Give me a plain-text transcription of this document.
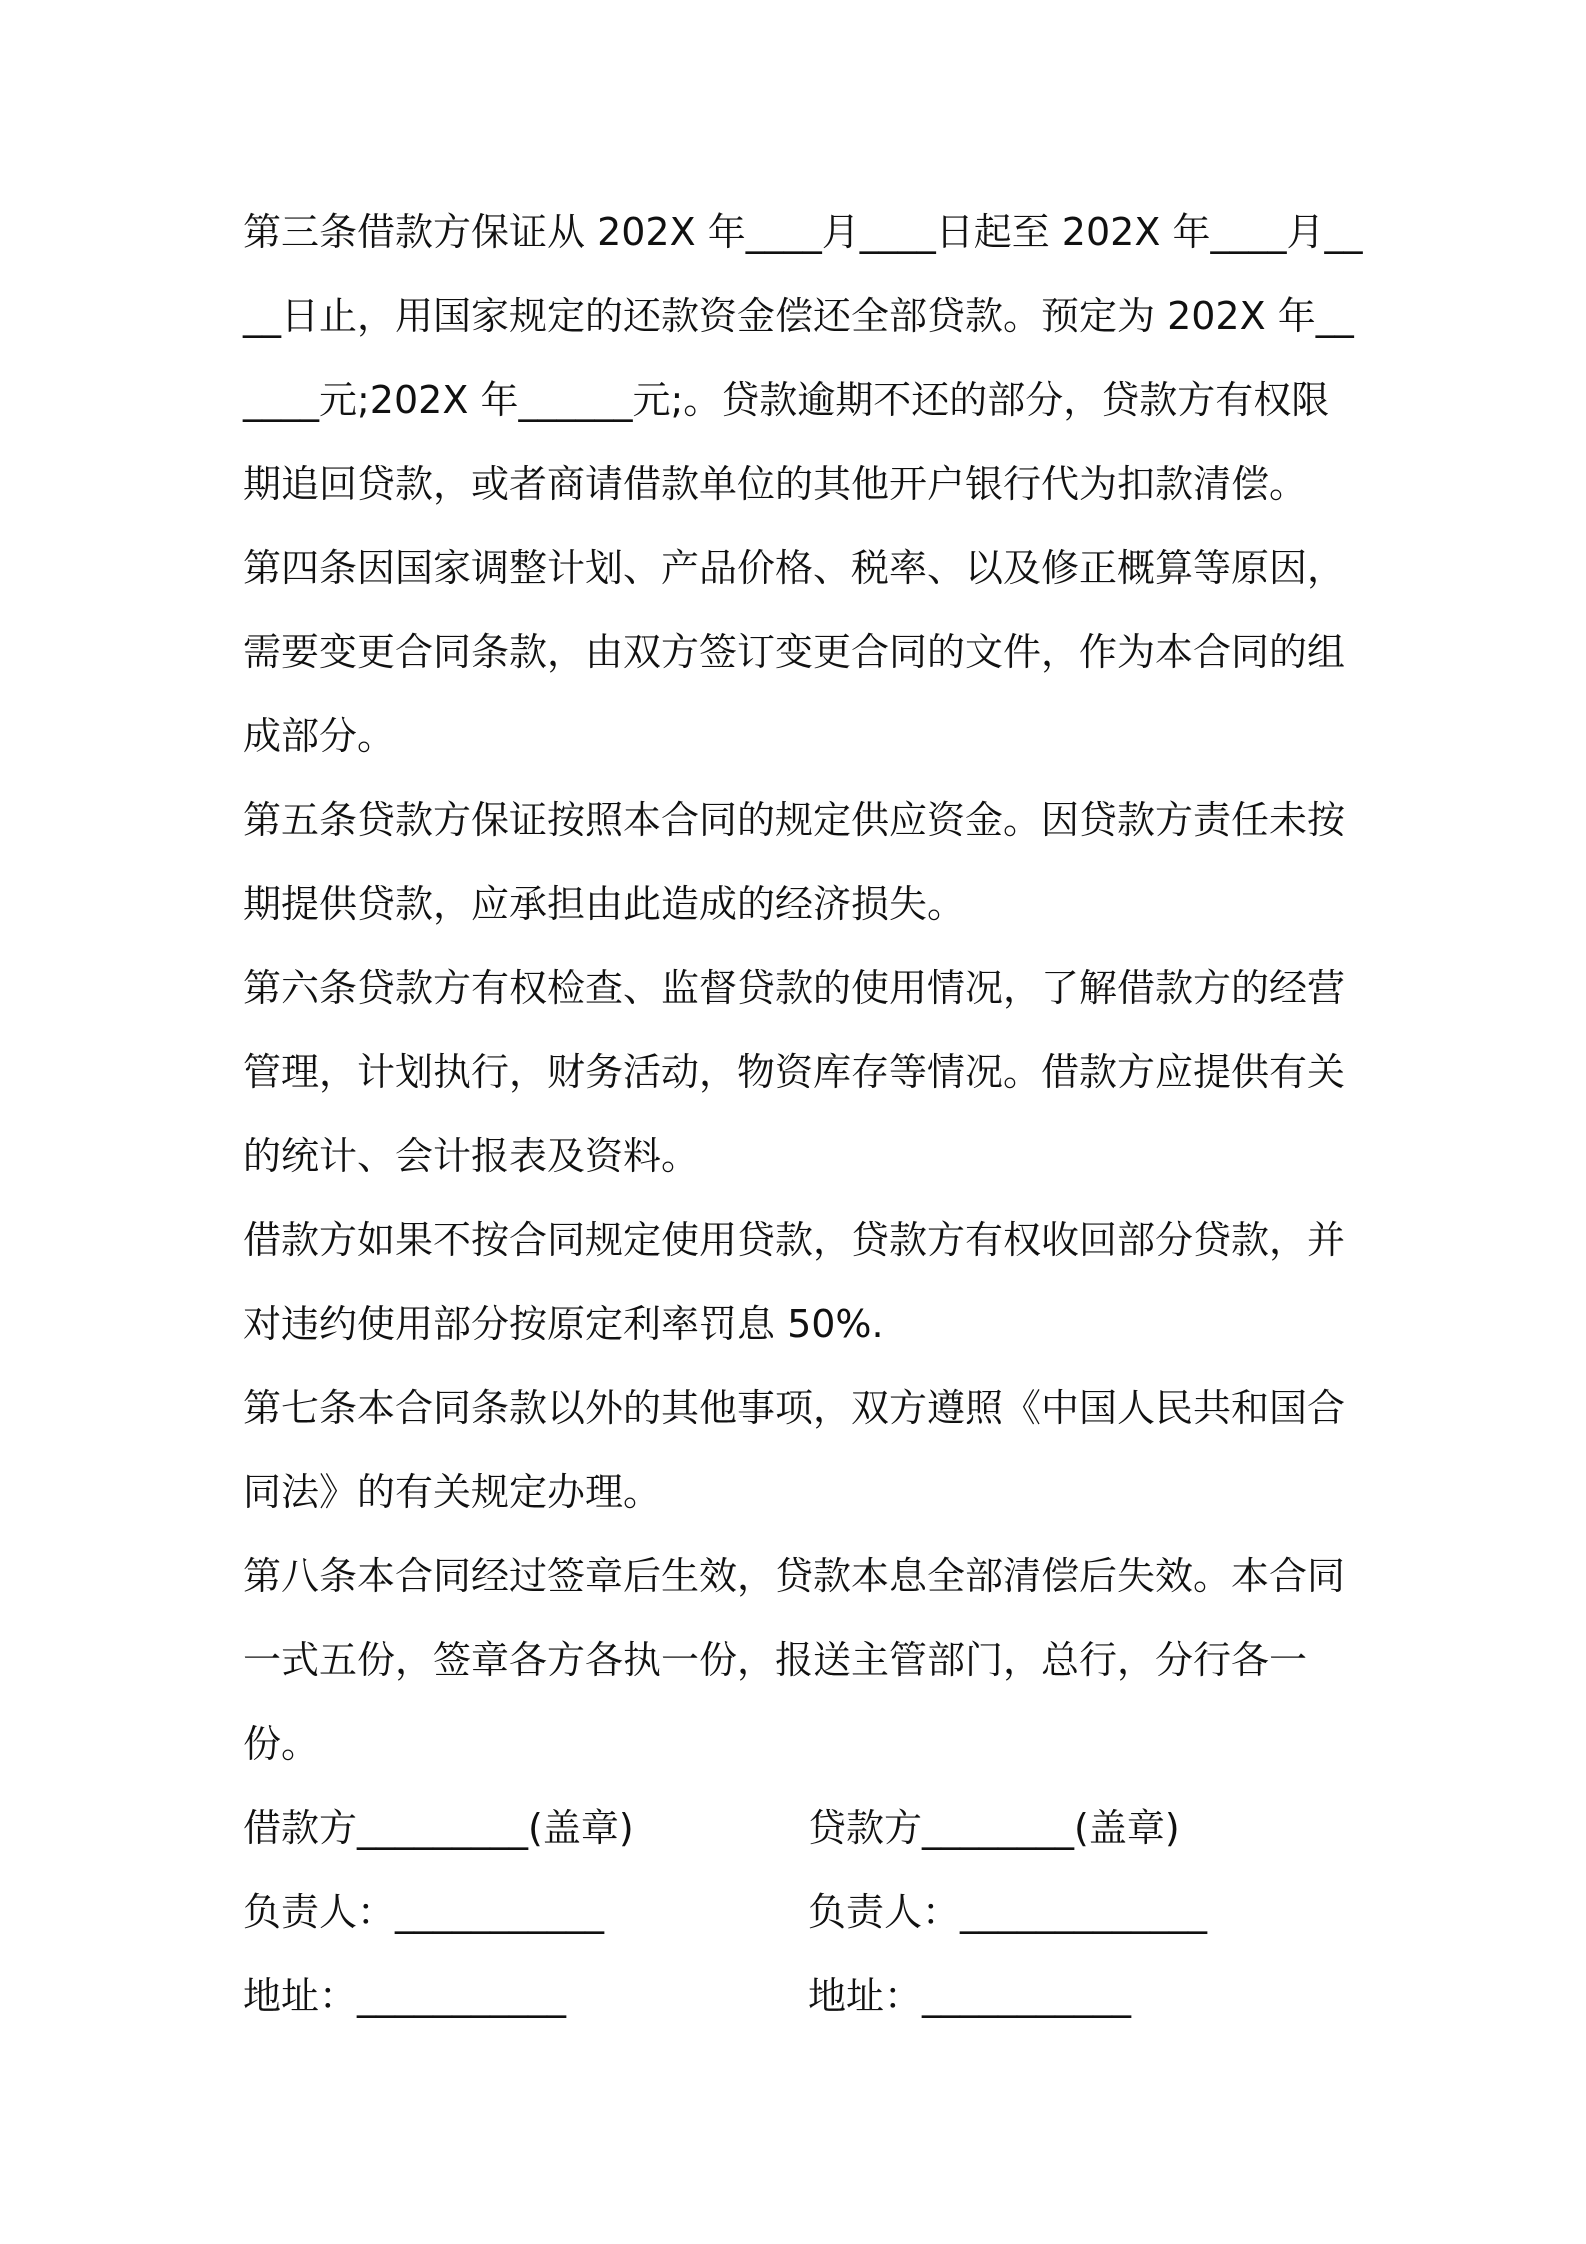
第三条借款方保证从 202X 年____月____日起至 202X 年____月____日止，用国家规定的还款资金偿还全部贷款。预定为 202X 年______元;202X 年______元;。贷款逾期不还的部分，贷款方有权限期追回贷款，或者商请借款单位的其他开户银行代为扣款清偿。

第四条因国家调整计划、产品价格、税率、以及修正概算等原因，需要变更合同条款，由双方签订变更合同的文件，作为本合同的组成部分。

第五条贷款方保证按照本合同的规定供应资金。因贷款方责任未按期提供贷款，应承担由此造成的经济损失。

第六条贷款方有权检查、监督贷款的使用情况，了解借款方的经营管理，计划执行，财务活动，物资库存等情况。借款方应提供有关的统计、会计报表及资料。

借款方如果不按合同规定使用贷款，贷款方有权收回部分贷款，并对违约使用部分按原定利率罚息 50%.

第七条本合同条款以外的其他事项，双方遵照《中国人民共和国合同法》的有关规定办理。

第八条本合同经过签章后生效，贷款本息全部清偿后失效。本合同一式五份，签章各方各执一份，报送主管部门，总行，分行各一份。

借款方_________(盖章)	贷款方________(盖章)
负责人：___________	负责人：_____________
地址：___________	地址：___________
